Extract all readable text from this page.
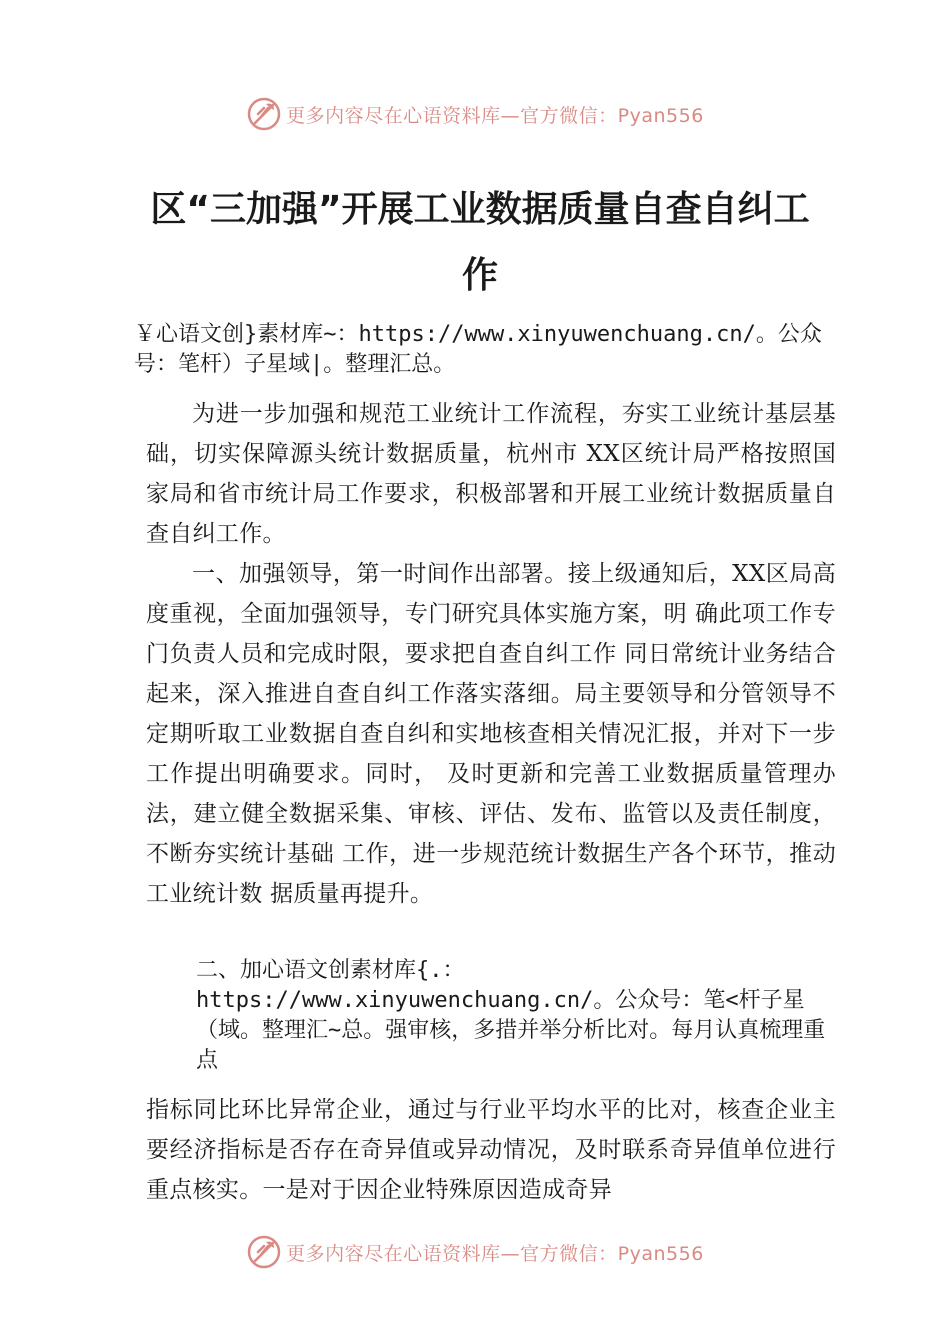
更多内容尽在心语资料库—官方微信：Pyan556
区“三加强”开展工业数据质量自查自纠工
作

￥心语文创}素材库~：https://www.xinyuwenchuang.cn/。公众号：笔杆）子星域|。整理汇总。

为进一步加强和规范工业统计工作流程，夯实工业统计基层基础，切实保障源头统计数据质量，杭州市 XX区统计局严格按照国家局和省市统计局工作要求，积极部署和开展工业统计数据质量自查自纠工作。

一、加强领导，第一时间作出部署。接上级通知后，XX区局高度重视，全面加强领导，专门研究具体实施方案，明 确此项工作专门负责人员和完成时限，要求把自查自纠工作 同日常统计业务结合起来，深入推进自查自纠工作落实落细。局主要领导和分管领导不定期听取工业数据自查自纠和实地核查相关情况汇报，并对下一步工作提出明确要求。同时， 及时更新和完善工业数据质量管理办法，建立健全数据采集、审核、评估、发布、监管以及责任制度，不断夯实统计基础 工作，进一步规范统计数据生产各个环节，推动工业统计数 据质量再提升。

二、加心语文创素材库{.：https://www.xinyuwenchuang.cn/。公众号：笔<杆子星（域。整理汇~总。强审核，多措并举分析比对。每月认真梳理重点

指标同比环比异常企业，通过与行业平均水平的比对，核查企业主要经济指标是否存在奇异值或异动情况，及时联系奇异值单位进行重点核实。一是对于因企业特殊原因造成奇异

更多内容尽在心语资料库—官方微信：Pyan556
